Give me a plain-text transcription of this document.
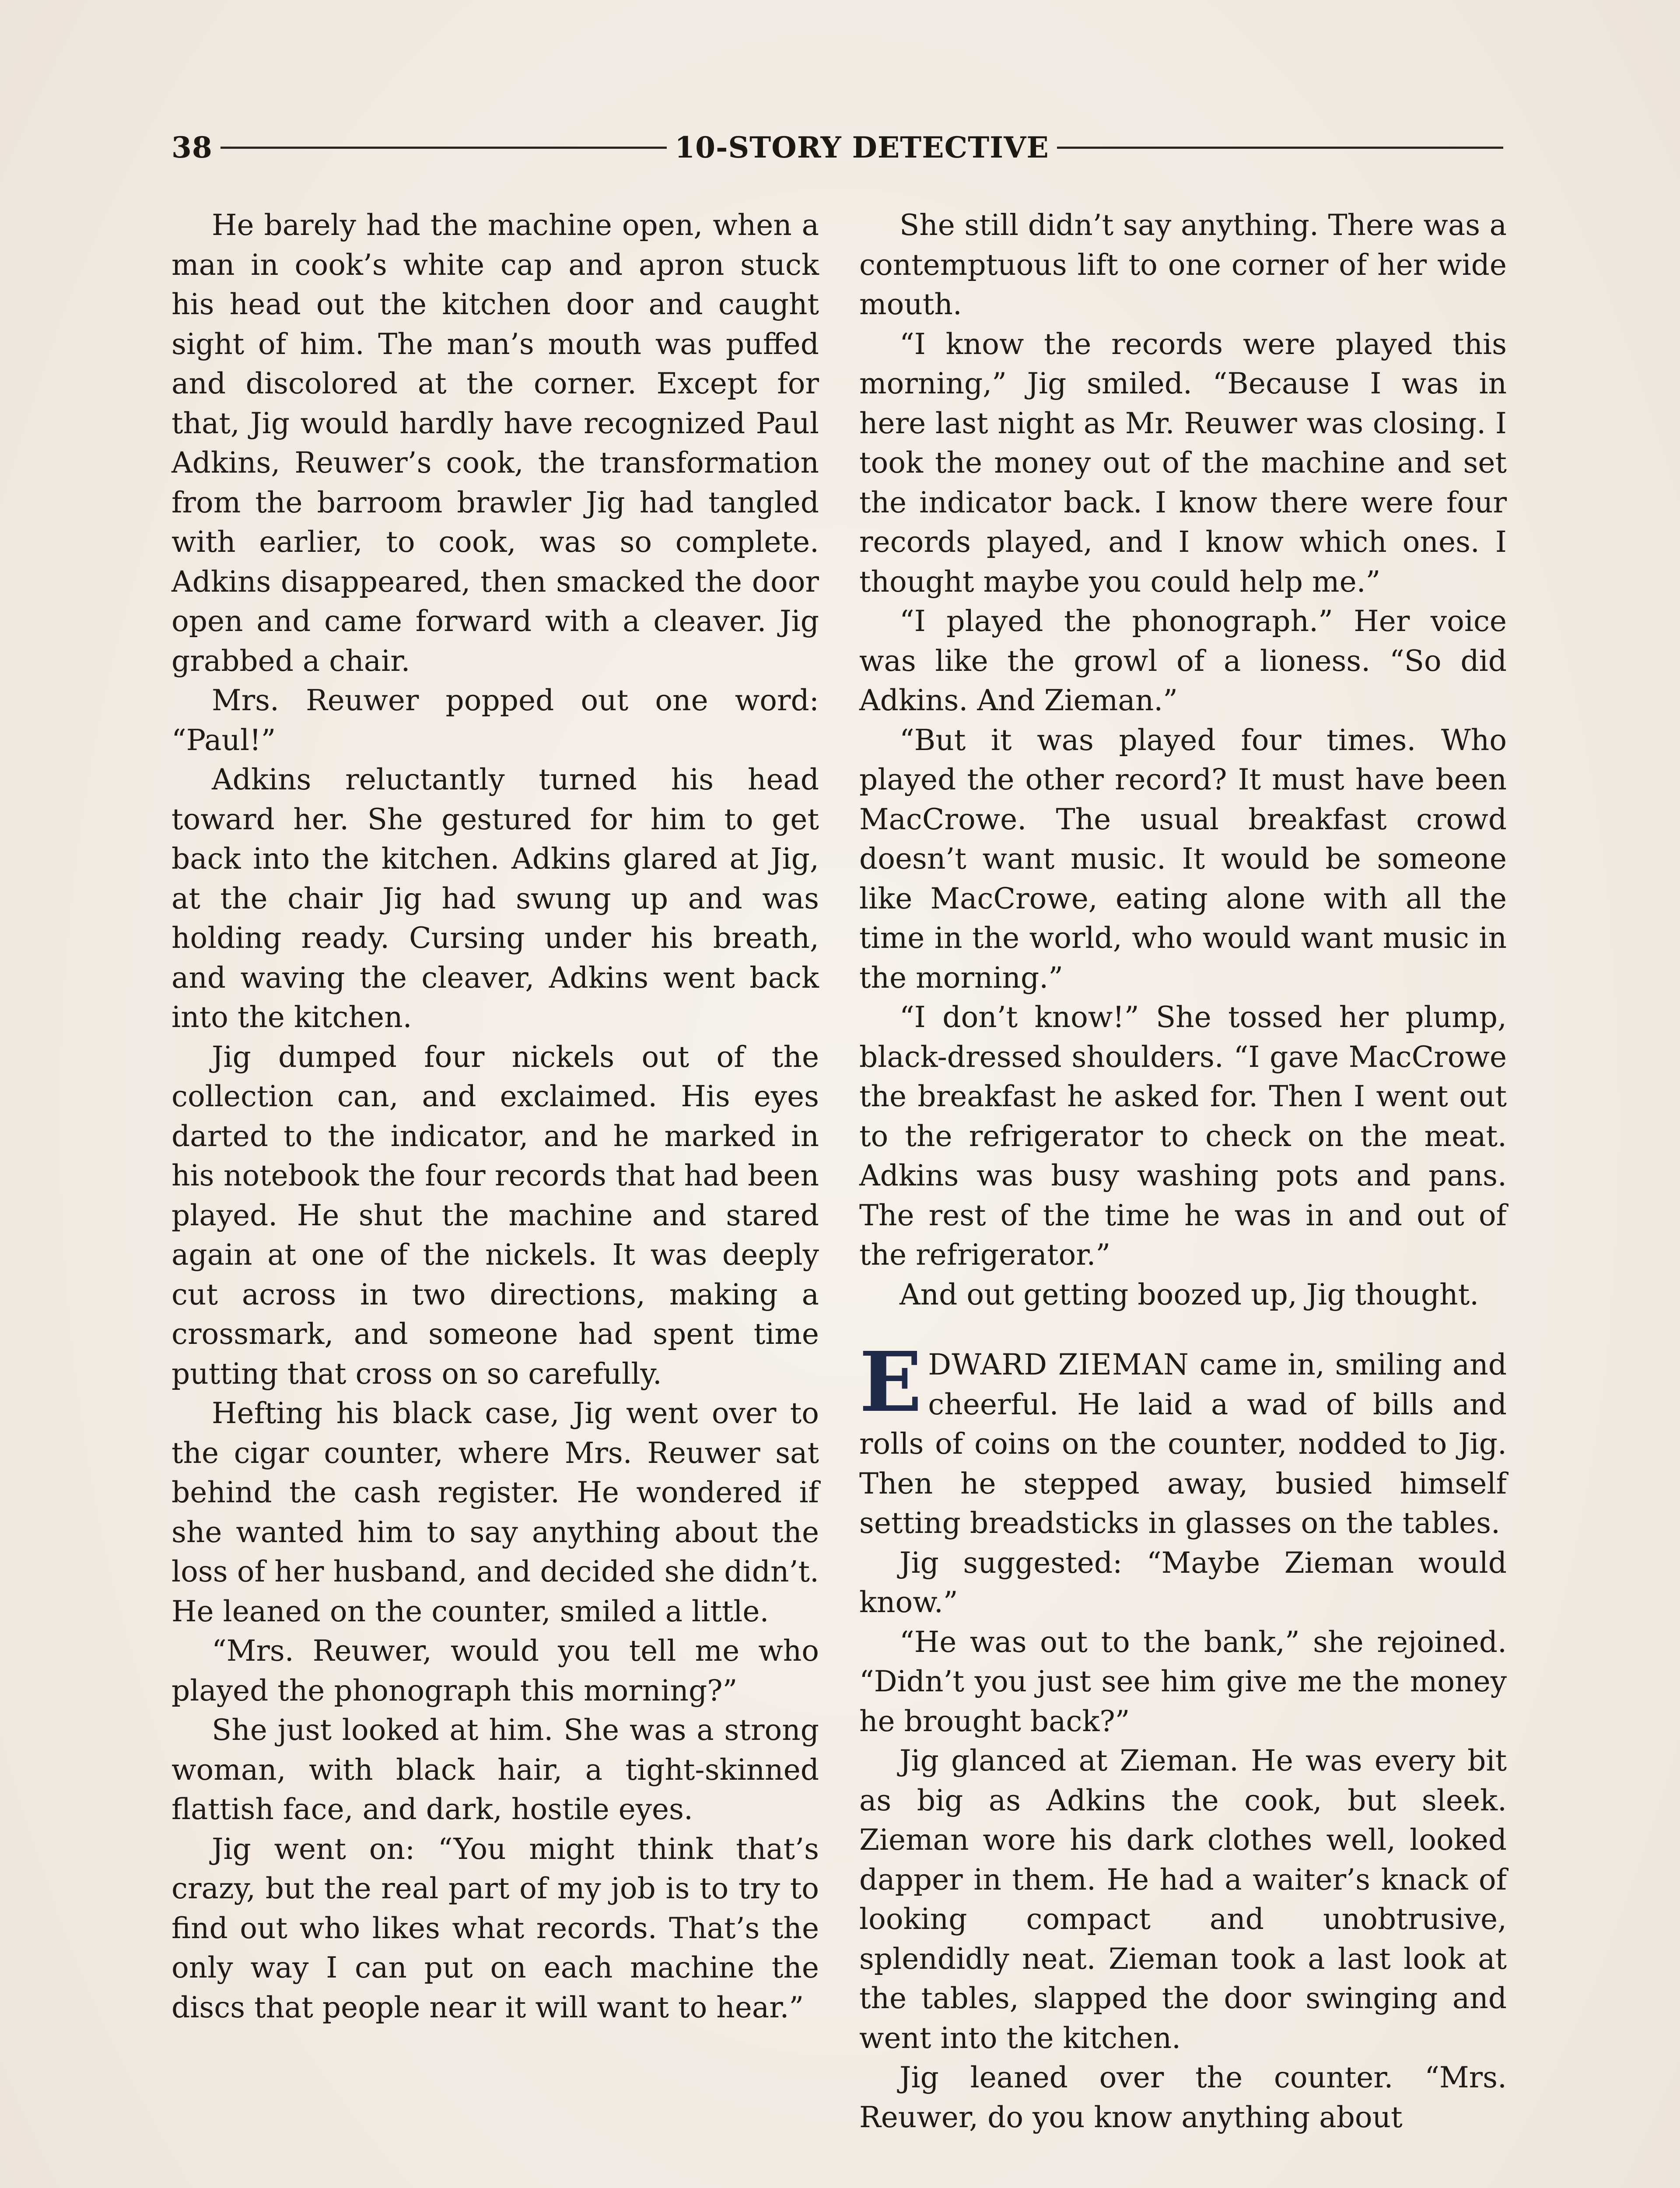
38	10-STORY DETECTIVE

He barely had the machine open, when a man in cook’s white cap and apron stuck his head out the kitchen door and caught sight of him. The man’s mouth was puffed and discolored at the corner. Except for that, Jig would hardly have recognized Paul Adkins, Reuwer’s cook, the transformation from the barroom brawler Jig had tangled with earlier, to cook, was so complete. Adkins disappeared, then smacked the door open and came forward with a cleaver. Jig grabbed a chair.

Mrs. Reuwer popped out one word: “Paul!”

Adkins reluctantly turned his head toward her. She gestured for him to get back into the kitchen. Adkins glared at Jig, at the chair Jig had swung up and was holding ready. Cursing under his breath, and waving the cleaver, Adkins went back into the kitchen.

Jig dumped four nickels out of the collection can, and exclaimed. His eyes darted to the indicator, and he marked in his notebook the four records that had been played. He shut the machine and stared again at one of the nickels. It was deeply cut across in two directions, making a crossmark, and someone had spent time putting that cross on so carefully.

Hefting his black case, Jig went over to the cigar counter, where Mrs. Reuwer sat behind the cash register. He wondered if she wanted him to say anything about the loss of her husband, and decided she didn’t. He leaned on the counter, smiled a little.

“Mrs. Reuwer, would you tell me who played the phonograph this morning?”

She just looked at him. She was a strong woman, with black hair, a tight-skinned flattish face, and dark, hostile eyes.

Jig went on: “You might think that’s crazy, but the real part of my job is to try to find out who likes what records. That’s the only way I can put on each machine the discs that people near it will want to hear.”

She still didn’t say anything. There was a contemptuous lift to one corner of her wide mouth.

“I know the records were played this morning,” Jig smiled. “Because I was in here last night as Mr. Reuwer was closing. I took the money out of the machine and set the indicator back. I know there were four records played, and I know which ones. I thought maybe you could help me.”

“I played the phonograph.” Her voice was like the growl of a lioness. “So did Adkins. And Zieman.”

“But it was played four times. Who played the other record? It must have been MacCrowe. The usual breakfast crowd doesn’t want music. It would be someone like MacCrowe, eating alone with all the time in the world, who would want music in the morning.”

“I don’t know!” She tossed her plump, black-dressed shoulders. “I gave MacCrowe the breakfast he asked for. Then I went out to the refrigerator to check on the meat. Adkins was busy washing pots and pans. The rest of the time he was in and out of the refrigerator.”

And out getting boozed up, Jig thought.

EDWARD ZIEMAN came in, smiling and cheerful. He laid a wad of bills and rolls of coins on the counter, nodded to Jig. Then he stepped away, busied himself setting breadsticks in glasses on the tables.

Jig suggested: “Maybe Zieman would know.”

“He was out to the bank,” she rejoined. “Didn’t you just see him give me the money he brought back?”

Jig glanced at Zieman. He was every bit as big as Adkins the cook, but sleek. Zieman wore his dark clothes well, looked dapper in them. He had a waiter’s knack of looking compact and unobtrusive, splendidly neat. Zieman took a last look at the tables, slapped the door swinging and went into the kitchen.

Jig leaned over the counter. “Mrs. Reuwer, do you know anything about
